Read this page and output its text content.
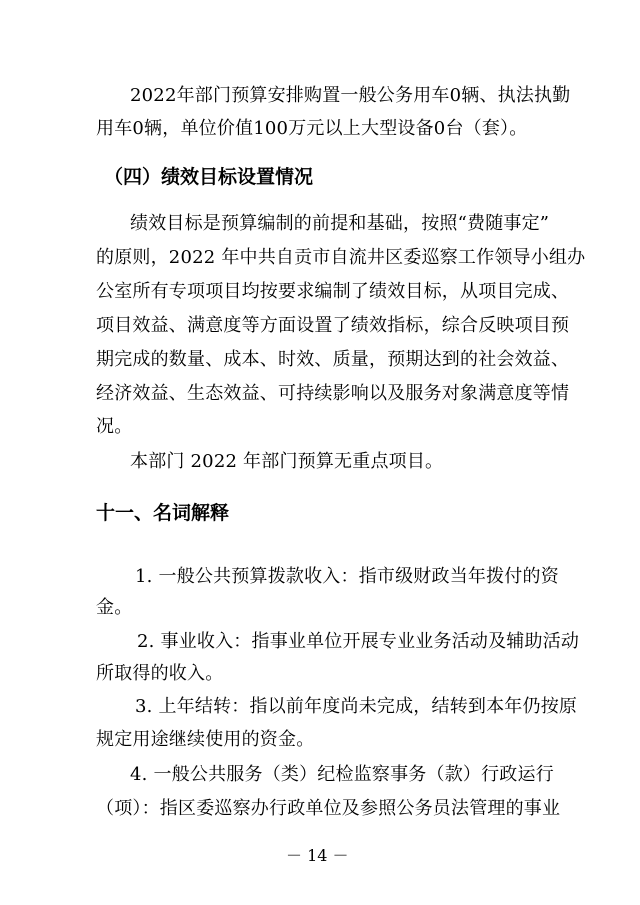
2022年部门预算安排购置一般公务用车0辆、执法执勤
用车0辆，单位价值100万元以上大型设备0台（套）。
（四）绩效目标设置情况
绩效目标是预算编制的前提和基础，按照“费随事定”
的原则，2022 年中共自贡市自流井区委巡察工作领导小组办
公室所有专项项目均按要求编制了绩效目标，从项目完成、
项目效益、满意度等方面设置了绩效指标，综合反映项目预
期完成的数量、成本、时效、质量，预期达到的社会效益、
经济效益、生态效益、可持续影响以及服务对象满意度等情
况。
本部门 2022 年部门预算无重点项目。
十一、名词解释
1. 一般公共预算拨款收入：指市级财政当年拨付的资
金。
2. 事业收入：指事业单位开展专业业务活动及辅助活动
所取得的收入。
3. 上年结转：指以前年度尚未完成，结转到本年仍按原
规定用途继续使用的资金。
4. 一般公共服务（类）纪检监察事务（款）行政运行
（项）：指区委巡察办行政单位及参照公务员法管理的事业
－ 14 －
